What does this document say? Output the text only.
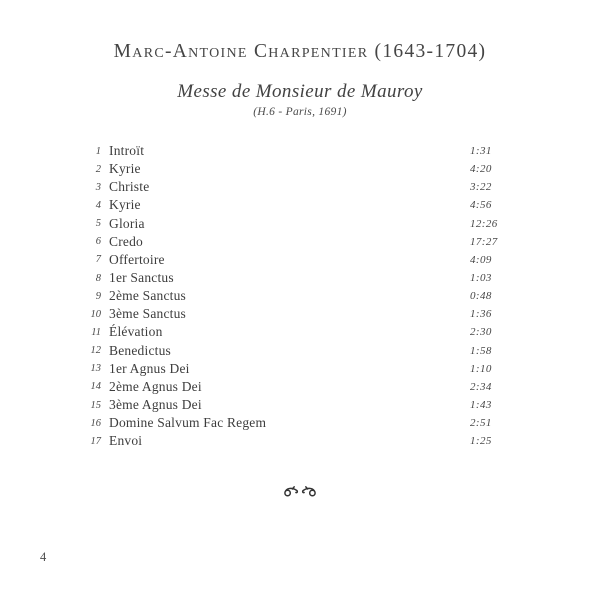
Marc-Antoine Charpentier (1643-1704)
Messe de Monsieur de Mauroy
(H.6 - Paris, 1691)
1 Introït	1:31
2 Kyrie	4:20
3 Christe	3:22
4 Kyrie	4:56
5 Gloria	12:26
6 Credo	17:27
7 Offertoire	4:09
8 1er Sanctus	1:03
9 2ème Sanctus	0:48
10 3ème Sanctus	1:36
11 Élévation	2:30
12 Benedictus	1:58
13 1er Agnus Dei	1:10
14 2ème Agnus Dei	2:34
15 3ème Agnus Dei	1:43
16 Domine Salvum Fac Regem	2:51
17 Envoi	1:25
4
